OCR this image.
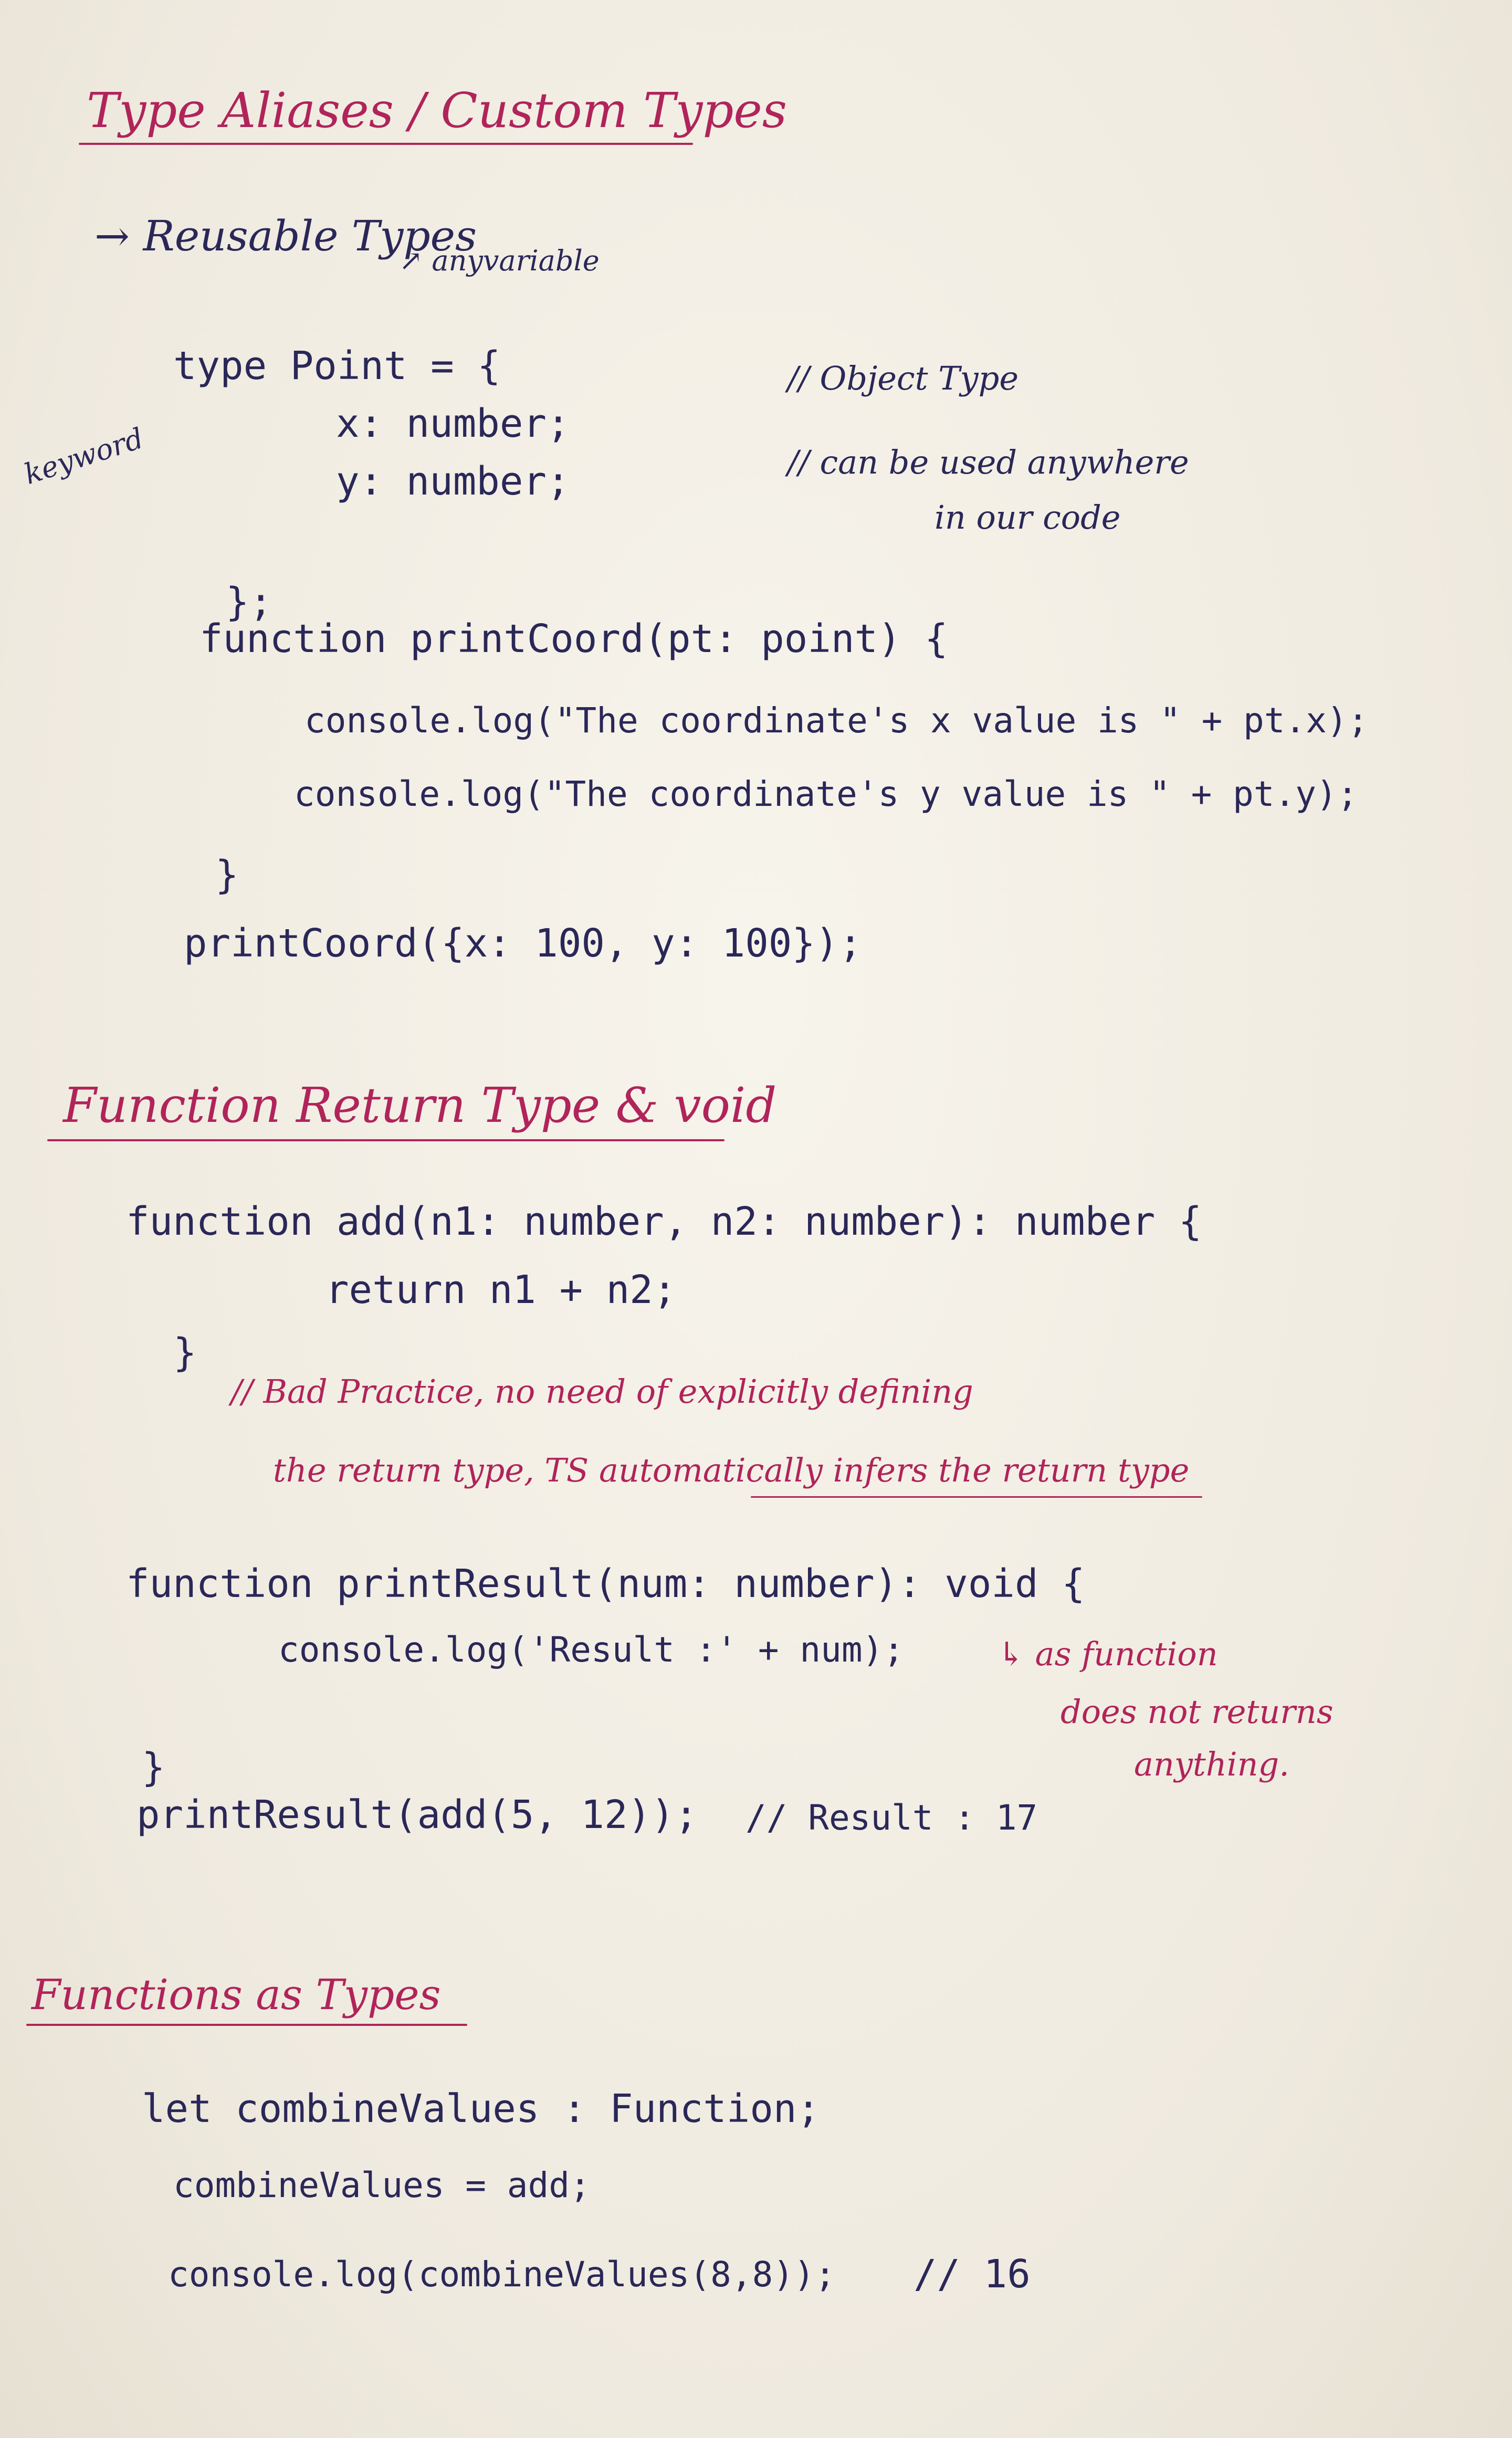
Type Aliases / Custom Types
→ Reusable Types
↗ anyvariable
type Point = {
keyword	x: number;
y: number;
};
// Object Type
// can be used anywhere
in our code
function printCoord(pt: point) {
console.log("The coordinate's x value is " + pt.x);
console.log("The coordinate's y value is " + pt.y);
}
printCoord({x: 100, y: 100});
Function Return Type & void
function add(n1: number, n2: number): number {
return n1 + n2;
}
// Bad Practice, no need of explicitly defining
the return type, TS automatically infers the return type
function printResult(num: number): void {
console.log('Result :' + num);	↳ as function
does not returns
anything.
}
printResult(add(5, 12)); // Result : 17
Functions as Types
let combineValues : Function;
combineValues = add;
console.log(combineValues(8,8)); // 16
